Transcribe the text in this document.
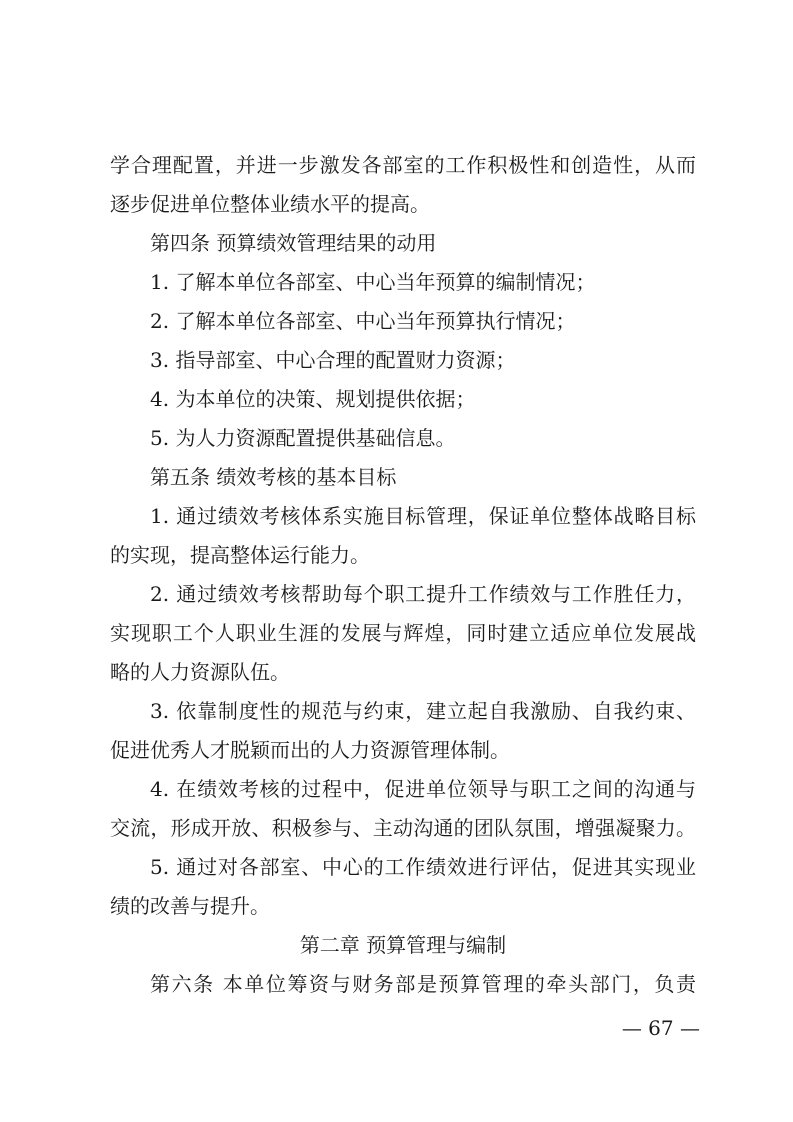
学合理配置，并进一步激发各部室的工作积极性和创造性，从而
逐步促进单位整体业绩水平的提高。
第四条 预算绩效管理结果的动用
1. 了解本单位各部室、中心当年预算的编制情况；
2. 了解本单位各部室、中心当年预算执行情况；
3. 指导部室、中心合理的配置财力资源；
4. 为本单位的决策、规划提供依据；
5. 为人力资源配置提供基础信息。
第五条 绩效考核的基本目标
1. 通过绩效考核体系实施目标管理，保证单位整体战略目标
的实现，提高整体运行能力。
2. 通过绩效考核帮助每个职工提升工作绩效与工作胜任力，
实现职工个人职业生涯的发展与辉煌，同时建立适应单位发展战
略的人力资源队伍。
3. 依靠制度性的规范与约束，建立起自我激励、自我约束、
促进优秀人才脱颖而出的人力资源管理体制。
4. 在绩效考核的过程中，促进单位领导与职工之间的沟通与
交流，形成开放、积极参与、主动沟通的团队氛围，增强凝聚力。
5. 通过对各部室、中心的工作绩效进行评估，促进其实现业
绩的改善与提升。
第二章 预算管理与编制
第六条 本单位筹资与财务部是预算管理的牵头部门，负责
— 67 —
